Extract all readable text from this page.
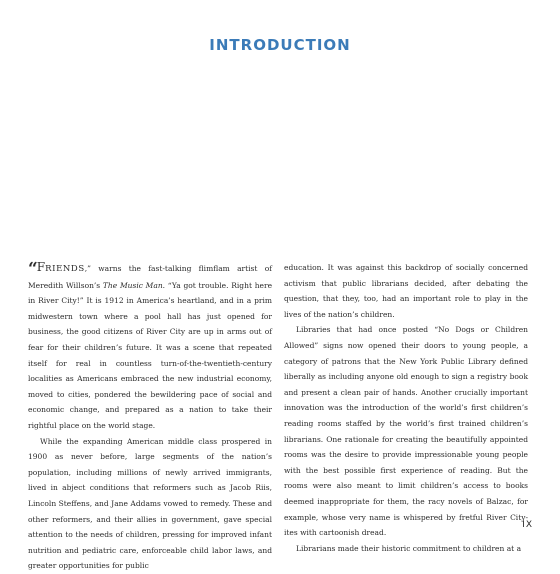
INTRODUCTION

“FRIENDS,” warns the fast-talking flimflam artist of Meredith Willson’s The Music Man. “Ya got trouble. Right here in River City!” It is 1912 in America’s heartland, and in a prim midwestern town where a pool hall has just opened for business, the good citizens of River City are up in arms out of fear for their children’s future. It was a scene that repeated itself for real in countless turn-of-the-twentieth-century localities as Americans embraced the new industrial economy, moved to cities, pondered the bewildering pace of social and economic change, and prepared as a nation to take their rightful place on the world stage.

While the expanding American middle class prospered in 1900 as never before, large segments of the nation’s population, including millions of newly arrived immigrants, lived in abject conditions that reformers such as Jacob Riis, Lincoln Steffens, and Jane Addams vowed to remedy. These and other reformers, and their allies in government, gave special attention to the needs of children, pressing for improved infant nutrition and pediatric care, enforceable child labor laws, and greater opportunities for public

education. It was against this backdrop of socially concerned activism that public librarians decided, after debating the question, that they, too, had an important role to play in the lives of the nation’s children.

Libraries that had once posted “No Dogs or Children Allowed” signs now opened their doors to young people, a category of patrons that the New York Public Library defined liberally as including anyone old enough to sign a registry book and present a clean pair of hands. Another crucially important innovation was the introduction of the world’s first children’s reading rooms staffed by the world’s first trained children’s librarians. One rationale for creating the beautifully appointed rooms was the desire to provide impressionable young people with the best possible first experience of reading. But the rooms were also meant to limit children’s access to books deemed inappropriate for them, the racy novels of Balzac, for example, whose very name is whispered by fretful River City-ites with cartoonish dread.

Librarians made their historic commitment to children at a

IX
